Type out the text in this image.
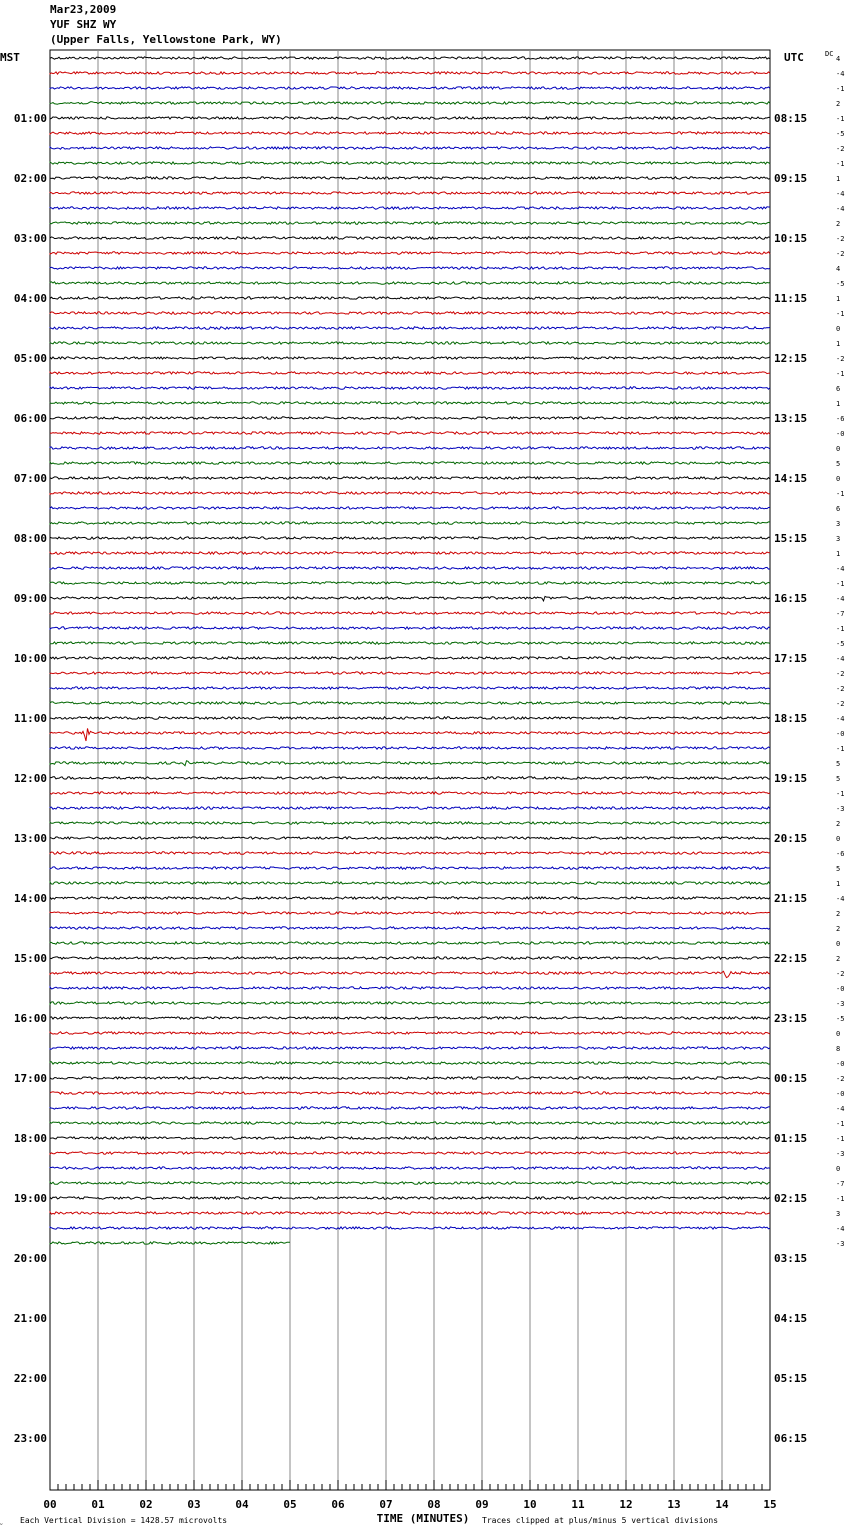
Mar23,2009
YUF SHZ WY
(Upper Falls, Yellowstone Park, WY)
4
-4
-1
2
-1
-5
-2
-1
1
-4
-4
2
-2
-2
4
-5
1
-1
0
1
-2
-1
6
1
-6
-0
0
5
0
-1
6
3
3
1
-4
-1
-4
-7
-1
-5
-4
-2
-2
-2
-4
-0
-1
5
5
-1
-3
2
0
-6
5
1
-4
2
2
0
2
-2
-0
-3
-5
0
8
-0
-2
-0
-4
-1
-1
-3
0
-7
-1
3
-4
-3
00	01	02	03	04	05	06	07	08	09	10	11	12	13	14	15
01:00
02:00
03:00
04:00
05:00
06:00
07:00
08:00
09:00
10:00
11:00
12:00
13:00
14:00
15:00
16:00
17:00
18:00
19:00
20:00
21:00
22:00
23:00
08:15
09:15
10:15
11:15
12:15
13:15
14:15
15:15
16:15
17:15
18:15
19:15
20:15
21:15
22:15
23:15
00:15
01:15
02:15
03:15
04:15
05:15
06:15
MST	UTC	DC
TIME (MINUTES)
⏑ Each Vertical Division = 1428.57 microvolts	Traces clipped at plus/minus 5 vertical divisions
